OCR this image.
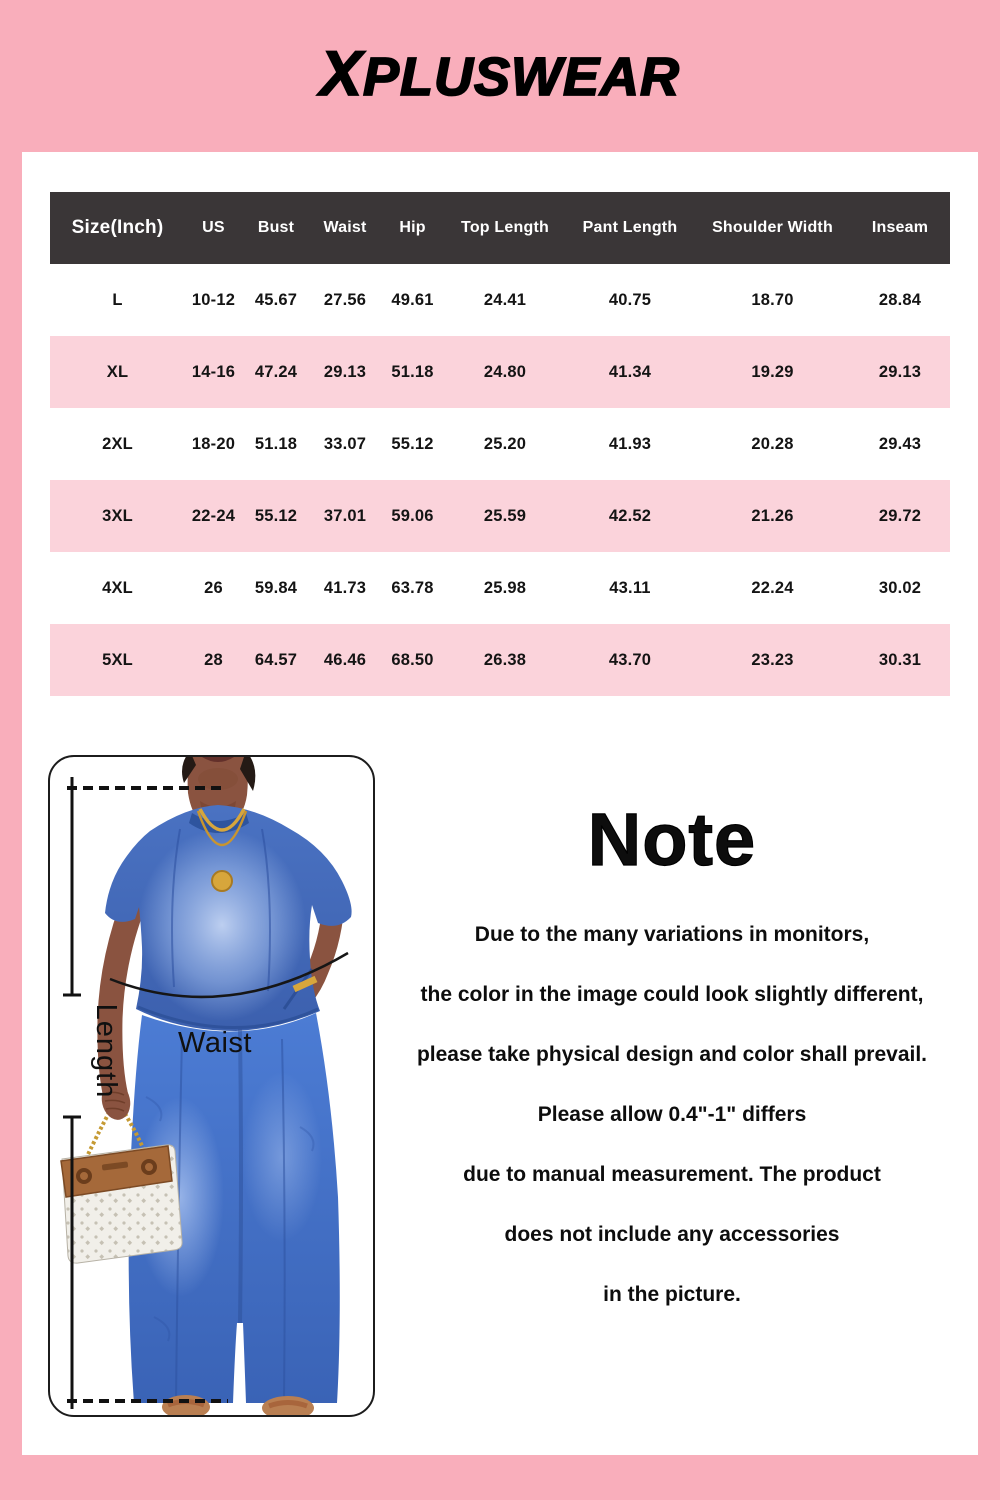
XPLUSWEAR
Size(Inch)	US	Bust	Waist	Hip	Top Length	Pant Length	Shoulder Width	Inseam
L	10-12	45.67	27.56	49.61	24.41	40.75	18.70	28.84
XL	14-16	47.24	29.13	51.18	24.80	41.34	19.29	29.13
2XL	18-20	51.18	33.07	55.12	25.20	41.93	20.28	29.43
3XL	22-24	55.12	37.01	59.06	25.59	42.52	21.26	29.72
4XL	26	59.84	41.73	63.78	25.98	43.11	22.24	30.02
5XL	28	64.57	46.46	68.50	26.38	43.70	23.23	30.31
Length	Waist
Note
Due to the many variations in monitors,
the color in the image could look slightly different,
please take physical design and color shall prevail.
Please allow 0.4"-1" differs
due to manual measurement. The product
does not include any accessories
in the picture.
